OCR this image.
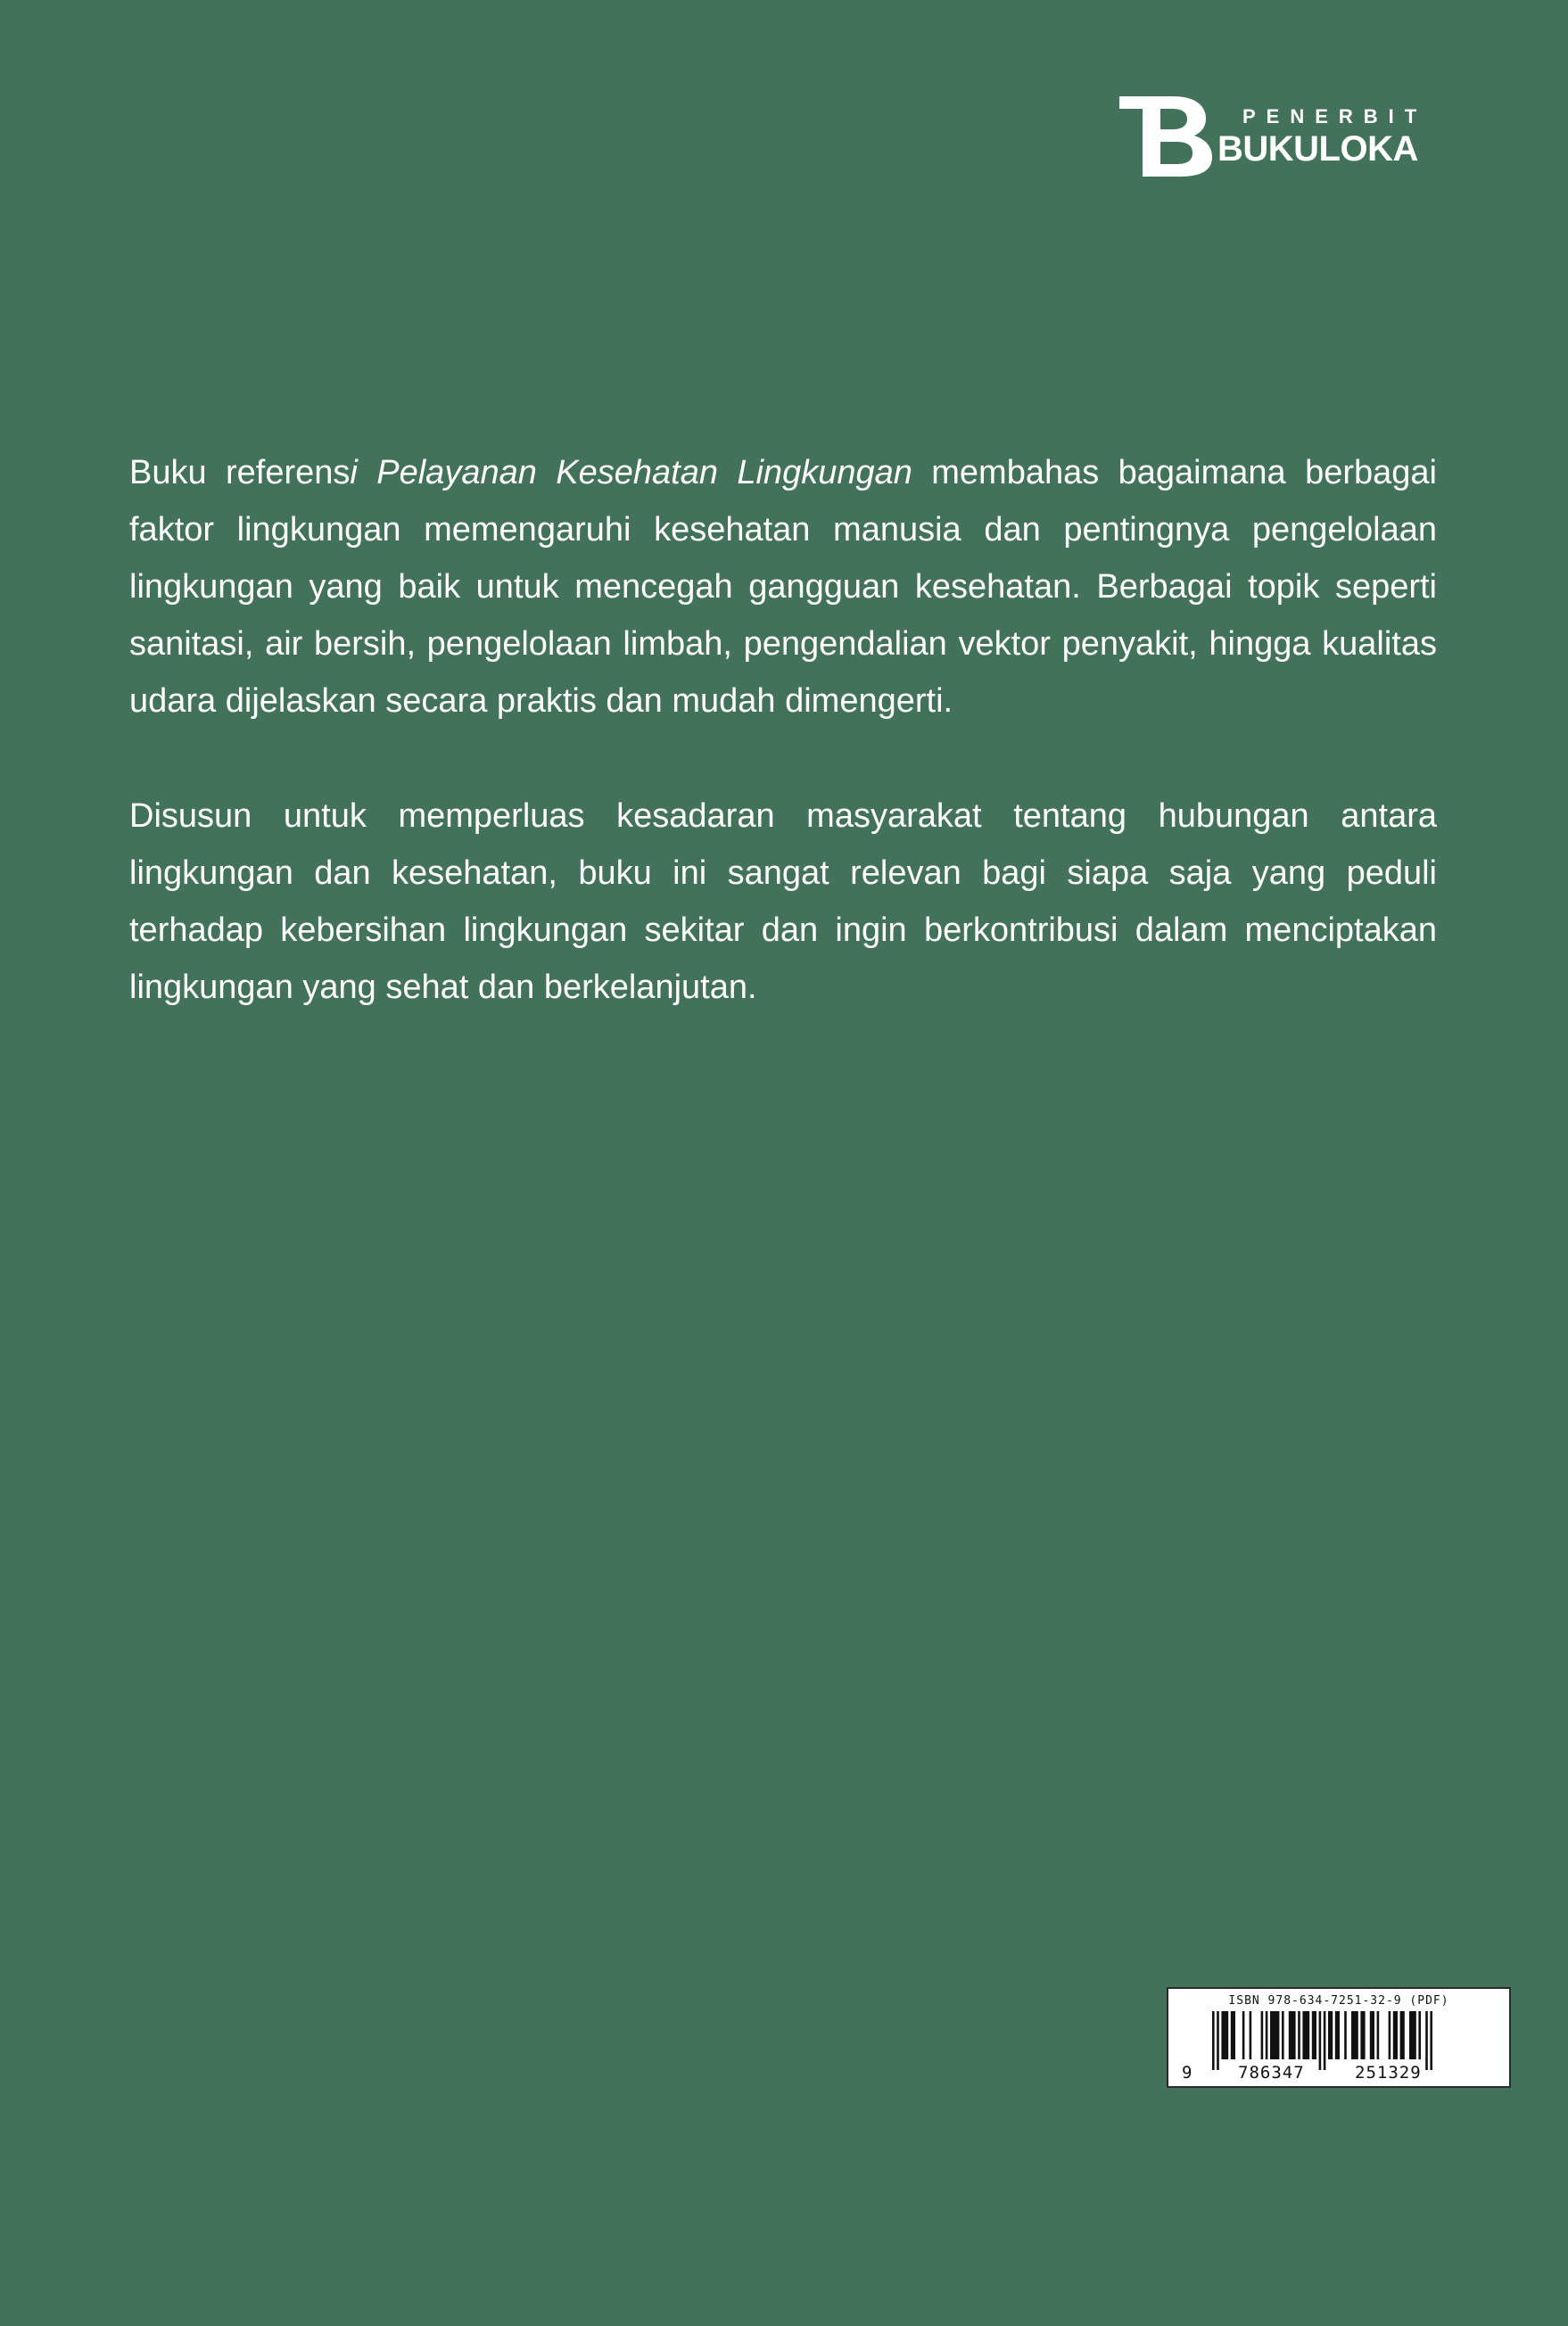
PENERBIT
BUKULOKA

Buku referensi Pelayanan Kesehatan Lingkungan membahas bagaimana berbagai faktor lingkungan memengaruhi kesehatan manusia dan pentingnya pengelolaan lingkungan yang baik untuk mencegah gangguan kesehatan. Berbagai topik seperti sanitasi, air bersih, pengelolaan limbah, pengendalian vektor penyakit, hingga kualitas udara dijelaskan secara praktis dan mudah dimengerti.

Disusun untuk memperluas kesadaran masyarakat tentang hubungan antara lingkungan dan kesehatan, buku ini sangat relevan bagi siapa saja yang peduli terhadap kebersihan lingkungan sekitar dan ingin berkontribusi dalam menciptakan lingkungan yang sehat dan berkelanjutan.

ISBN 978-634-7251-32-9 (PDF)
9	786347	251329
